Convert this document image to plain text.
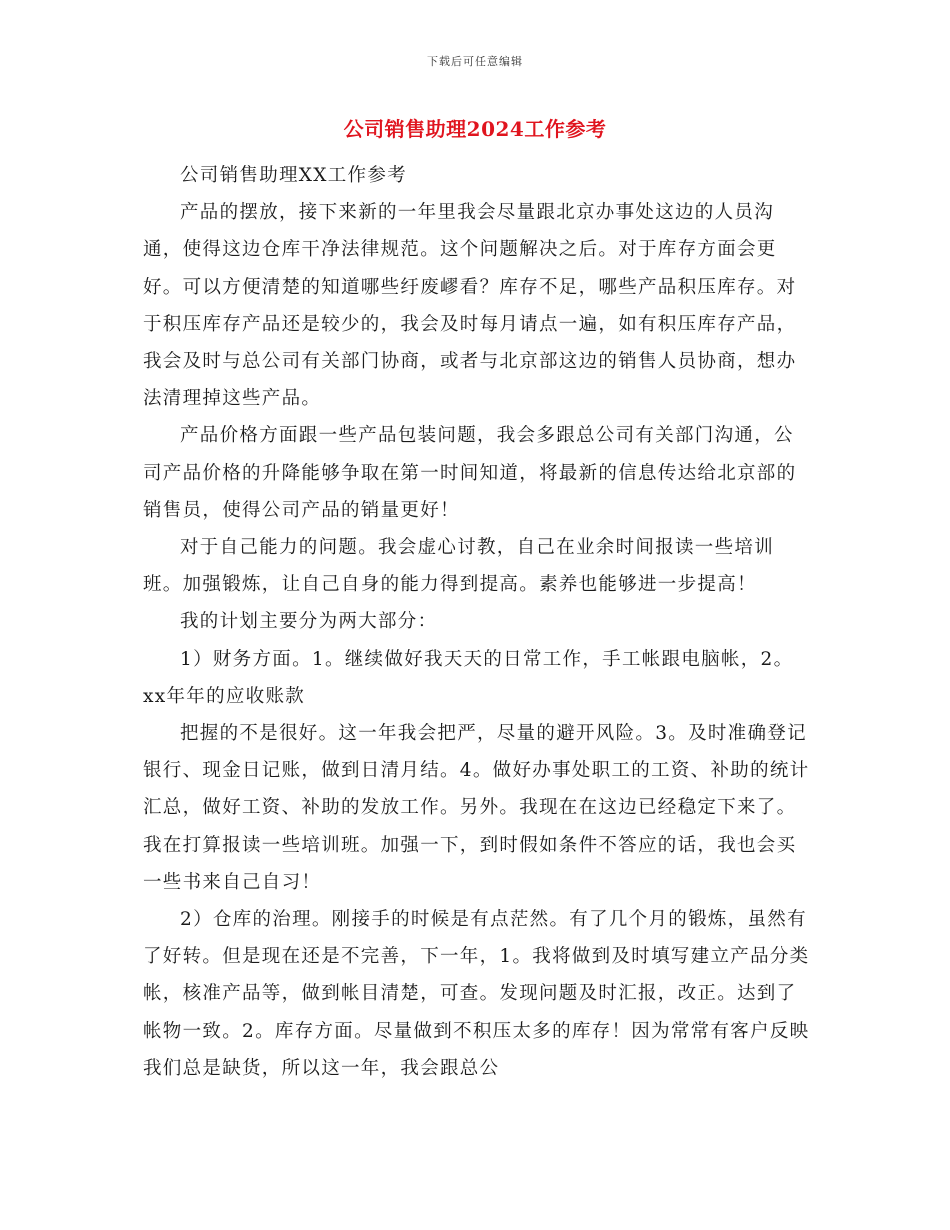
下载后可任意编辑
公司销售助理2024工作参考

公司销售助理XX工作参考

产品的摆放，接下来新的一年里我会尽量跟北京办事处这边的人员沟通，使得这边仓库干净法律规范。这个问题解决之后。对于库存方面会更好。可以方便清楚的知道哪些纡废嵺看？库存不足，哪些产品积压库存。对于积压库存产品还是较少的，我会及时每月请点一遍，如有积压库存产品，我会及时与总公司有关部门协商，或者与北京部这边的销售人员协商，想办法清理掉这些产品。

产品价格方面跟一些产品包装问题，我会多跟总公司有关部门沟通，公司产品价格的升降能够争取在第一时间知道，将最新的信息传达给北京部的销售员，使得公司产品的销量更好！

对于自己能力的问题。我会虚心讨教，自己在业余时间报读一些培训班。加强锻炼，让自己自身的能力得到提高。素养也能够进一步提高！

我的计划主要分为两大部分：

1）财务方面。1。继续做好我天天的日常工作，手工帐跟电脑帐，2。xx年年的应收账款

把握的不是很好。这一年我会把严，尽量的避开风险。3。及时准确登记银行、现金日记账，做到日清月结。4。做好办事处职工的工资、补助的统计汇总，做好工资、补助的发放工作。另外。我现在在这边已经稳定下来了。我在打算报读一些培训班。加强一下，到时假如条件不答应的话，我也会买一些书来自己自习！

2）仓库的治理。刚接手的时候是有点茫然。有了几个月的锻炼，虽然有了好转。但是现在还是不完善，下一年，1。我将做到及时填写建立产品分类帐，核准产品等，做到帐目清楚，可查。发现问题及时汇报，改正。达到了帐物一致。2。库存方面。尽量做到不积压太多的库存！因为常常有客户反映我们总是缺货，所以这一年，我会跟总公
